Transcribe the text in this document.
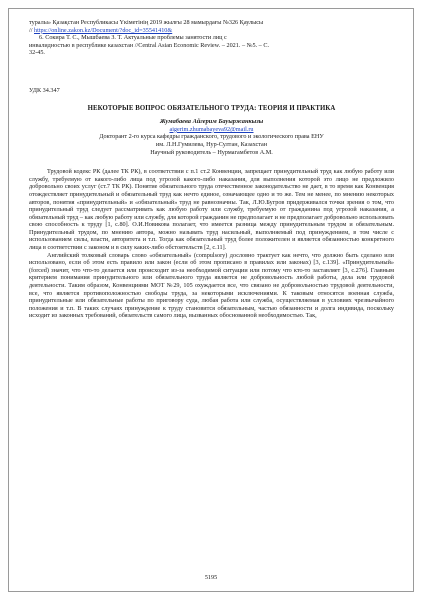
туралы» Қазақстан Республикасы Үкіметінің 2019 жылғы 28 мамырдағы №326 Қаулысы

// https://online.zakon.kz/Document/?doc_id=35541410&

6. Сокира Т. С., Мышбаева З. Т. Актуальные проблемы занятости лиц с

инвалидностью в республике казахстан //Central Asian Economic Review. – 2021. – №5. – С.

32-45.

УДК 34.347
НЕКОТОРЫЕ ВОПРОС ОБЯЗАТЕЛЬНОГО ТРУДА: ТЕОРИЯ И ПРАКТИКА
Жумабаева Айгерим Бауыржанкызы

aigerim.zhumabayeva92@mail.ru

Докторант 2-го курса кафедры гражданского, трудового и экологического права ЕНУ

им. Л.Н.Гумилева, Нур-Султан, Казахстан

Научный руководитель – Нурмагамбетов А.М.

Трудовой кодекс РК (далее ТК РК), в соответствии с п.1 ст.2 Конвенции, запрещает принудительный труд как любую работу или службу, требуемую от какого-либо лица под угрозой какого-либо наказания, для выполнения которой это лицо не предложило добровольно своих услуг (ст.7 ТК РК). Понятие обязательного труда отечественное законодательство не дает, в то время как Конвенция отождествляет принудительный и обязательный труд как нечто единое, означающее одно и то же. Тем не менее, по мнению некоторых авторов, понятия «принудительный» и «обязательный» труд не равнозначны. Так, Л.Ю.Бугров придерживался точки зрения о том, что принудительный труд следует рассматривать как любую работу или службу, требуемую от гражданина под угрозой наказания, а обязательный труд – как любую работу или службу, для которой гражданин не предполагает и не предполагает добровольно использовать свою способность к труду [1, с.80]. О.И.Новикова полагает, что имеется разница между принудительным трудом и обязательным. Принудительный трудом, по мнению автора, можно называть труд насильный, выполняемый под принуждением, в том числе с использованием силы, власти, авторитета и т.п. Тогда как обязательный труд более положителен и является обязанностью конкретного лица в соответствии с законом и в силу каких-либо обстоятельств [2, с.11].

Английский толковый словарь слово «обязательный» (compulsory) дословно трактует как нечто, что должно быть сделано или использовано, если об этом есть правило или закон (если об этом прописано в правилах или законах) [3, с.139]. «Принудительный» (forced) значит, что что-то делается или происходит из-за необходимой ситуации или потому что кто-то заставляет [3, с.276]. Главным критерием понимания принудительного или обязательного труда является не добровольность любой работы, дела или трудовой деятельности. Таким образом, Конвенциями МОТ №29, 105 охуждается все, что связано не добровольностью трудовой деятельности, все, что является противоположностью свободы труда, за некоторыми исключениями. К таковым относятся военная служба, принудительные или обязательные работы по приговору суда, любая работа или служба, осуществляемая в условиях чрезвычайного положения и т.п. В таких случаях принуждение к труду становится обязательным, частью обязанности и долга индивида, поскольку исходит из законных требований, обязательств самого лица, вызванных обоснованной необходимостью. Так,

5195
